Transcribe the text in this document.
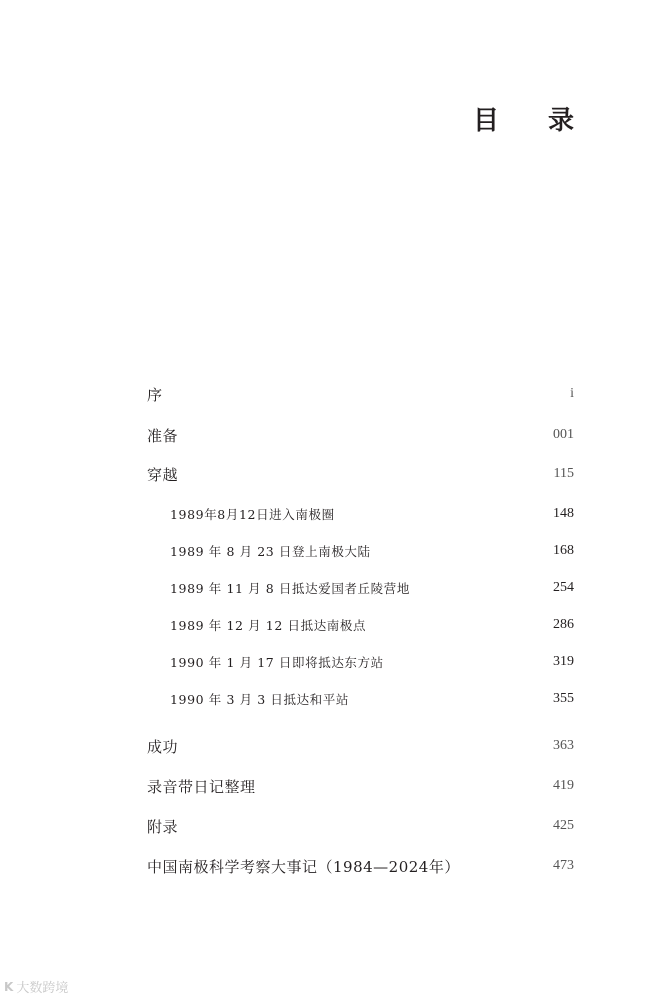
目 录
序	i
准备	001
穿越	115
1989年8月12日进入南极圈	148
1989 年 8 月 23 日登上南极大陆	168
1989 年 11 月 8 日抵达爱国者丘陵营地	254
1989 年 12 月 12 日抵达南极点	286
1990 年 1 月 17 日即将抵达东方站	319
1990 年 3 月 3 日抵达和平站	355
成功	363
录音带日记整理	419
附录	425
中国南极科学考察大事记（1984—2024年）	473
K 大数跨境
